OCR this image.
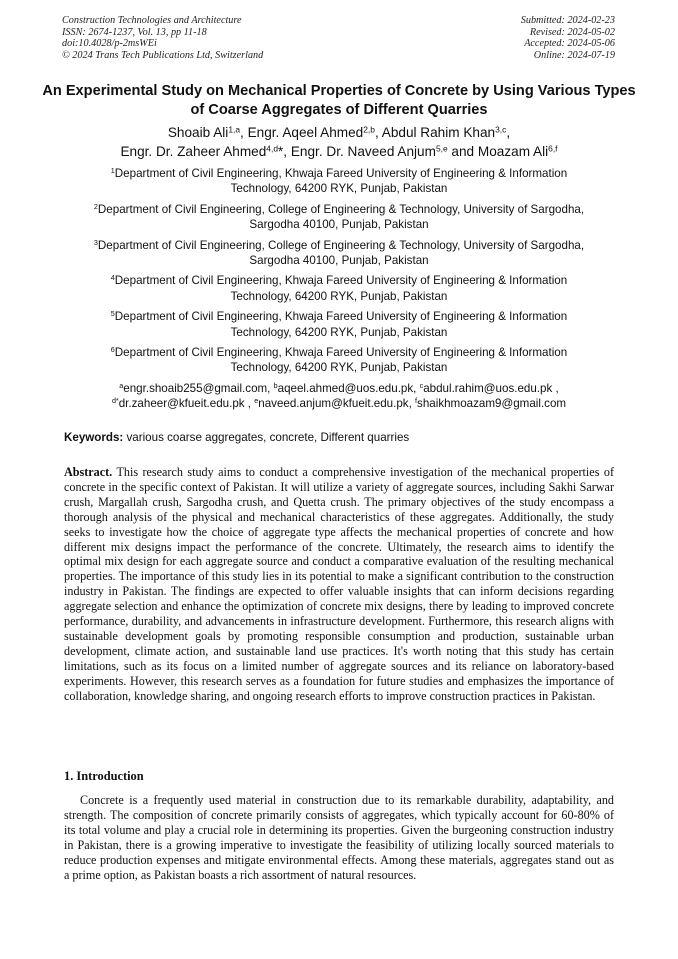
Construction Technologies and Architecture
ISSN: 2674-1237, Vol. 13, pp 11-18
doi:10.4028/p-2msWEi
© 2024 Trans Tech Publications Ltd, Switzerland
Submitted: 2024-02-23
Revised: 2024-05-02
Accepted: 2024-05-06
Online: 2024-07-19
An Experimental Study on Mechanical Properties of Concrete by Using Various Types of Coarse Aggregates of Different Quarries
Shoaib Ali$^{1,a}$, Engr. Aqeel Ahmed$^{2,b}$, Abdul Rahim Khan$^{3,c}$,
Engr. Dr. Zaheer Ahmed$^{4,d}$*, Engr. Dr. Naveed Anjum$^{5,e}$ and Moazam Ali$^{6,f}$
$^1$Department of Civil Engineering, Khwaja Fareed University of Engineering & Information
Technology, 64200 RYK, Punjab, Pakistan
$^2$Department of Civil Engineering, College of Engineering & Technology, University of Sargodha,
Sargodha 40100, Punjab, Pakistan
$^3$Department of Civil Engineering, College of Engineering & Technology, University of Sargodha,
Sargodha 40100, Punjab, Pakistan
$^4$Department of Civil Engineering, Khwaja Fareed University of Engineering & Information
Technology, 64200 RYK, Punjab, Pakistan
$^5$Department of Civil Engineering, Khwaja Fareed University of Engineering & Information
Technology, 64200 RYK, Punjab, Pakistan
$^6$Department of Civil Engineering, Khwaja Fareed University of Engineering & Information
Technology, 64200 RYK, Punjab, Pakistan
$^a$engr.shoaib255@gmail.com, $^b$aqeel.ahmed@uos.edu.pk, $^c$abdul.rahim@uos.edu.pk ,
$^{d*}$dr.zaheer@kfueit.edu.pk , $^e$naveed.anjum@kfueit.edu.pk, $^f$shaikhmoazam9@gmail.com
Keywords: various coarse aggregates, concrete, Different quarries

Abstract. This research study aims to conduct a comprehensive investigation of the mechanical properties of concrete in the specific context of Pakistan. It will utilize a variety of aggregate sources, including Sakhi Sarwar crush, Margallah crush, Sargodha crush, and Quetta crush. The primary objectives of the study encompass a thorough analysis of the physical and mechanical characteristics of these aggregates. Additionally, the study seeks to investigate how the choice of aggregate type affects the mechanical properties of concrete and how different mix designs impact the performance of the concrete. Ultimately, the research aims to identify the optimal mix design for each aggregate source and conduct a comparative evaluation of the resulting mechanical properties. The importance of this study lies in its potential to make a significant contribution to the construction industry in Pakistan. The findings are expected to offer valuable insights that can inform decisions regarding aggregate selection and enhance the optimization of concrete mix designs, there by leading to improved concrete performance, durability, and advancements in infrastructure development. Furthermore, this research aligns with sustainable development goals by promoting responsible consumption and production, sustainable urban development, climate action, and sustainable land use practices. It's worth noting that this study has certain limitations, such as its focus on a limited number of aggregate sources and its reliance on laboratory-based experiments. However, this research serves as a foundation for future studies and emphasizes the importance of collaboration, knowledge sharing, and ongoing research efforts to improve construction practices in Pakistan.

1. Introduction

Concrete is a frequently used material in construction due to its remarkable durability, adaptability, and strength. The composition of concrete primarily consists of aggregates, which typically account for 60-80% of its total volume and play a crucial role in determining its properties. Given the burgeoning construction industry in Pakistan, there is a growing imperative to investigate the feasibility of utilizing locally sourced materials to reduce production expenses and mitigate environmental effects. Among these materials, aggregates stand out as a prime option, as Pakistan boasts a rich assortment of natural resources.
